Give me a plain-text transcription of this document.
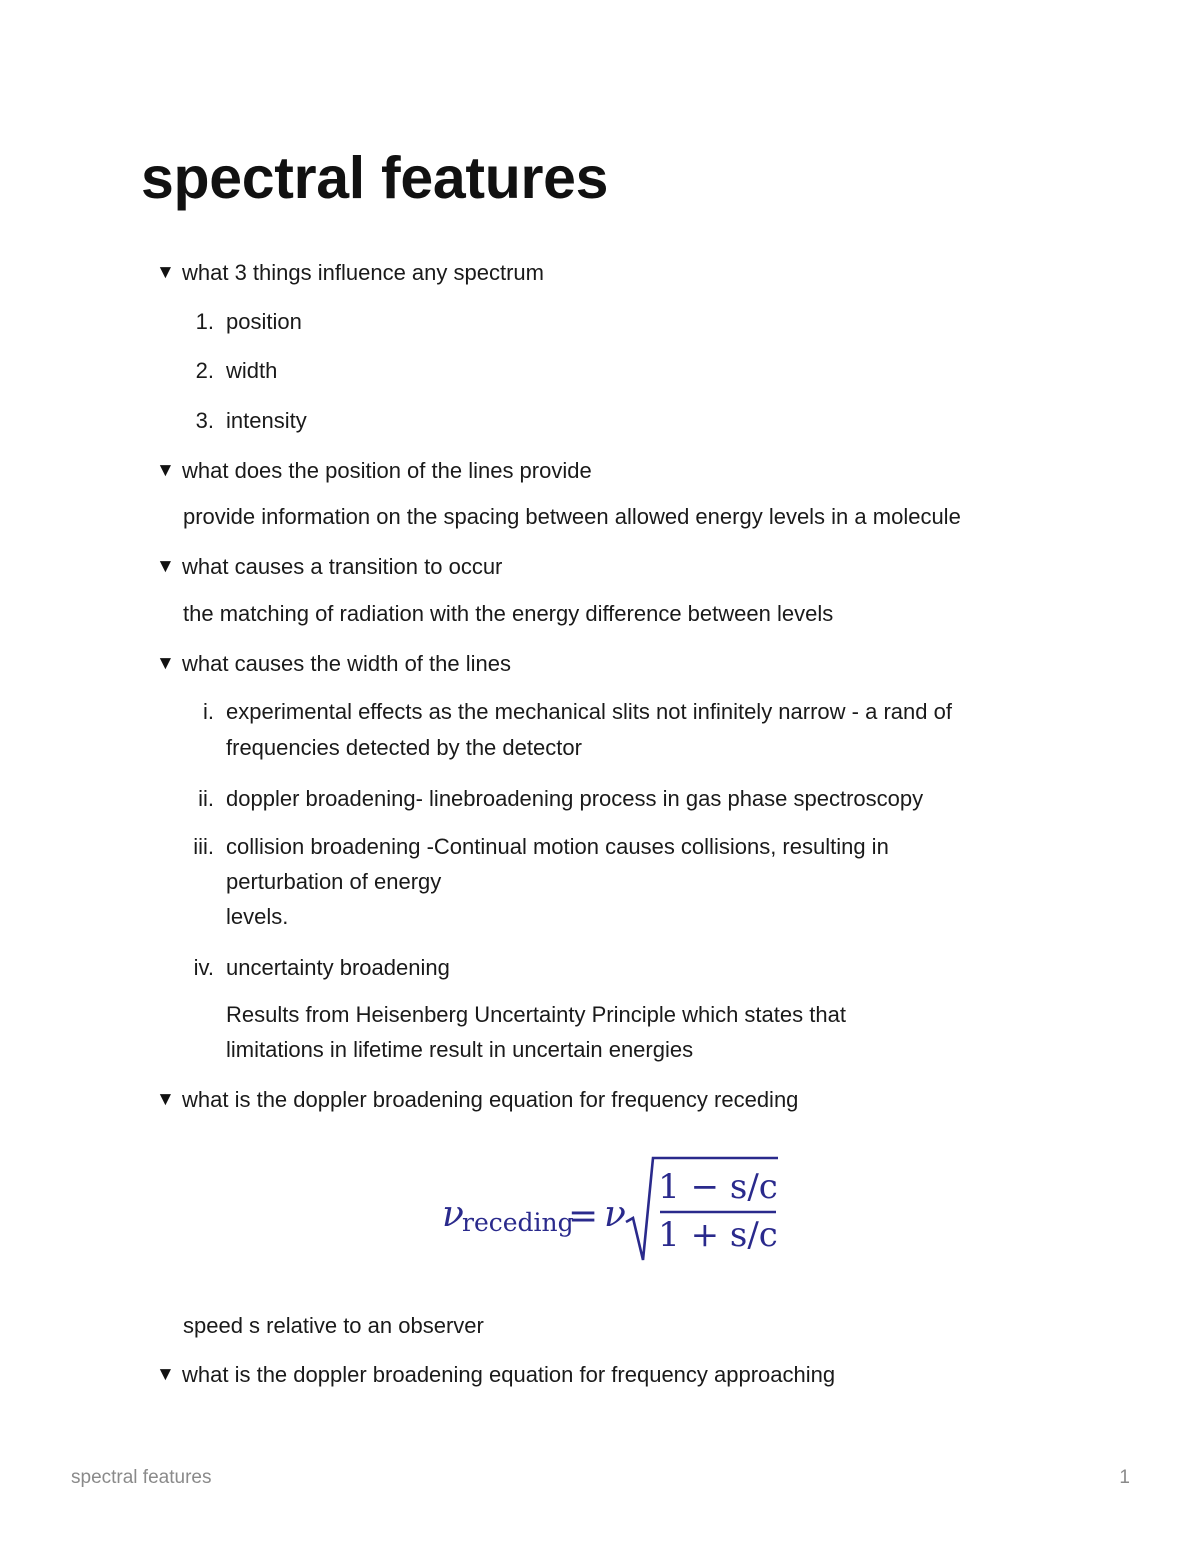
spectral features
▼ what 3 things influence any spectrum
1. position
2. width
3. intensity
▼ what does the position of the lines provide
provide information on the spacing between allowed energy levels in a molecule
▼ what causes a transition to occur
the matching of radiation with the energy difference between levels
▼ what causes the width of the lines
i. experimental effects as the mechanical slits not infinitely narrow - a rand of
frequencies detected by the detector
ii. doppler broadening- linebroadening process in gas phase spectroscopy
iii. collision broadening -Continual motion causes collisions, resulting in
perturbation of energy
levels.
iv. uncertainty broadening
Results from Heisenberg Uncertainty Principle which states that
limitations in lifetime result in uncertain energies
▼ what is the doppler broadening equation for frequency receding
ν
receding
= ν
1 − s/c
1 + s/c
speed s relative to an observer
▼ what is the doppler broadening equation for frequency approaching
spectral features	1
